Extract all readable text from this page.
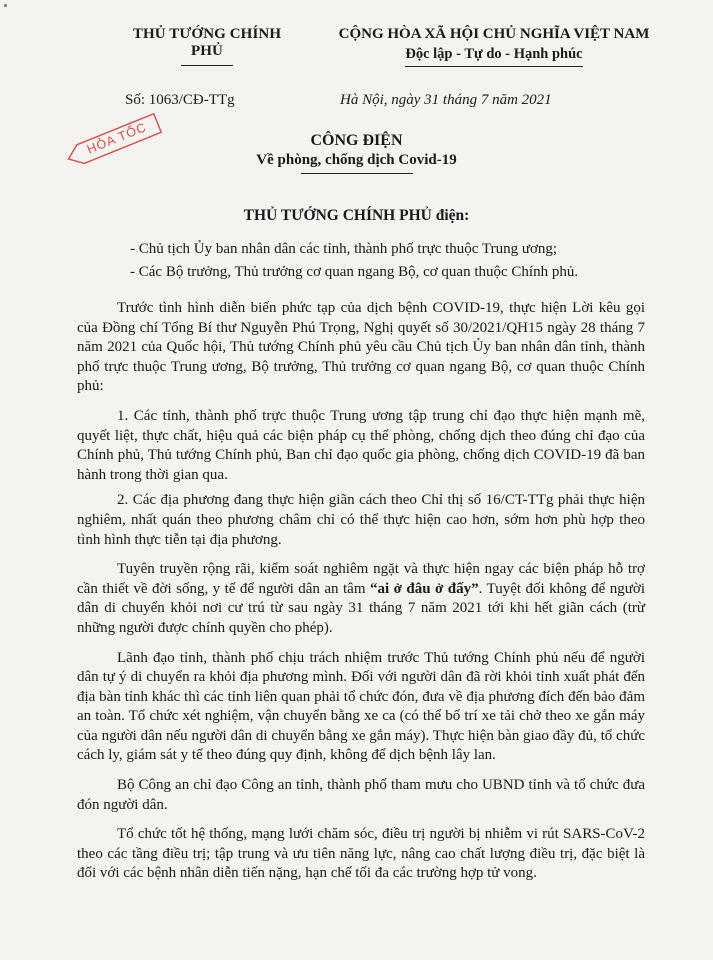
THỦ TƯỚNG CHÍNH PHỦ
CỘNG HÒA XÃ HỘI CHỦ NGHĨA VIỆT NAM
Độc lập - Tự do - Hạnh phúc
Số: 1063/CĐ-TTg	Hà Nội, ngày 31 tháng 7 năm 2021
HỎA TỐC	CÔNG ĐIỆN
Về phòng, chống dịch Covid-19
THỦ TƯỚNG CHÍNH PHỦ điện:
- Chủ tịch Ủy ban nhân dân các tỉnh, thành phố trực thuộc Trung ương;
- Các Bộ trưởng, Thủ trưởng cơ quan ngang Bộ, cơ quan thuộc Chính phủ.

Trước tình hình diễn biến phức tạp của dịch bệnh COVID-19, thực hiện Lời kêu gọi của Đồng chí Tổng Bí thư Nguyễn Phú Trọng, Nghị quyết số 30/2021/QH15 ngày 28 tháng 7 năm 2021 của Quốc hội, Thủ tướng Chính phủ yêu cầu Chủ tịch Ủy ban nhân dân tỉnh, thành phố trực thuộc Trung ương, Bộ trưởng, Thủ trưởng cơ quan ngang Bộ, cơ quan thuộc Chính phủ:

1. Các tỉnh, thành phố trực thuộc Trung ương tập trung chỉ đạo thực hiện mạnh mẽ, quyết liệt, thực chất, hiệu quả các biện pháp cụ thể phòng, chống dịch theo đúng chỉ đạo của Chính phủ, Thủ tướng Chính phủ, Ban chỉ đạo quốc gia phòng, chống dịch COVID-19 đã ban hành trong thời gian qua.

2. Các địa phương đang thực hiện giãn cách theo Chỉ thị số 16/CT-TTg phải thực hiện nghiêm, nhất quán theo phương châm chỉ có thể thực hiện cao hơn, sớm hơn phù hợp theo tình hình thực tiễn tại địa phương.

Tuyên truyền rộng rãi, kiểm soát nghiêm ngặt và thực hiện ngay các biện pháp hỗ trợ cần thiết về đời sống, y tế để người dân an tâm “ai ở đâu ở đấy”. Tuyệt đối không để người dân di chuyển khỏi nơi cư trú từ sau ngày 31 tháng 7 năm 2021 tới khi hết giãn cách (trừ những người được chính quyền cho phép).

Lãnh đạo tỉnh, thành phố chịu trách nhiệm trước Thủ tướng Chính phủ nếu để người dân tự ý di chuyển ra khỏi địa phương mình. Đối với người dân đã rời khỏi tỉnh xuất phát đến địa bàn tỉnh khác thì các tỉnh liên quan phải tổ chức đón, đưa về địa phương đích đến bảo đảm an toàn. Tổ chức xét nghiệm, vận chuyển bằng xe ca (có thể bố trí xe tải chở theo xe gắn máy của người dân nếu người dân di chuyển bằng xe gắn máy). Thực hiện bàn giao đầy đủ, tổ chức cách ly, giám sát y tế theo đúng quy định, không để dịch bệnh lây lan.

Bộ Công an chỉ đạo Công an tỉnh, thành phố tham mưu cho UBND tỉnh và tổ chức đưa đón người dân.

Tổ chức tốt hệ thống, mạng lưới chăm sóc, điều trị người bị nhiễm vi rút SARS-CoV-2 theo các tầng điều trị; tập trung và ưu tiên năng lực, nâng cao chất lượng điều trị, đặc biệt là đối với các bệnh nhân diễn tiến nặng, hạn chế tối đa các trường hợp tử vong.
